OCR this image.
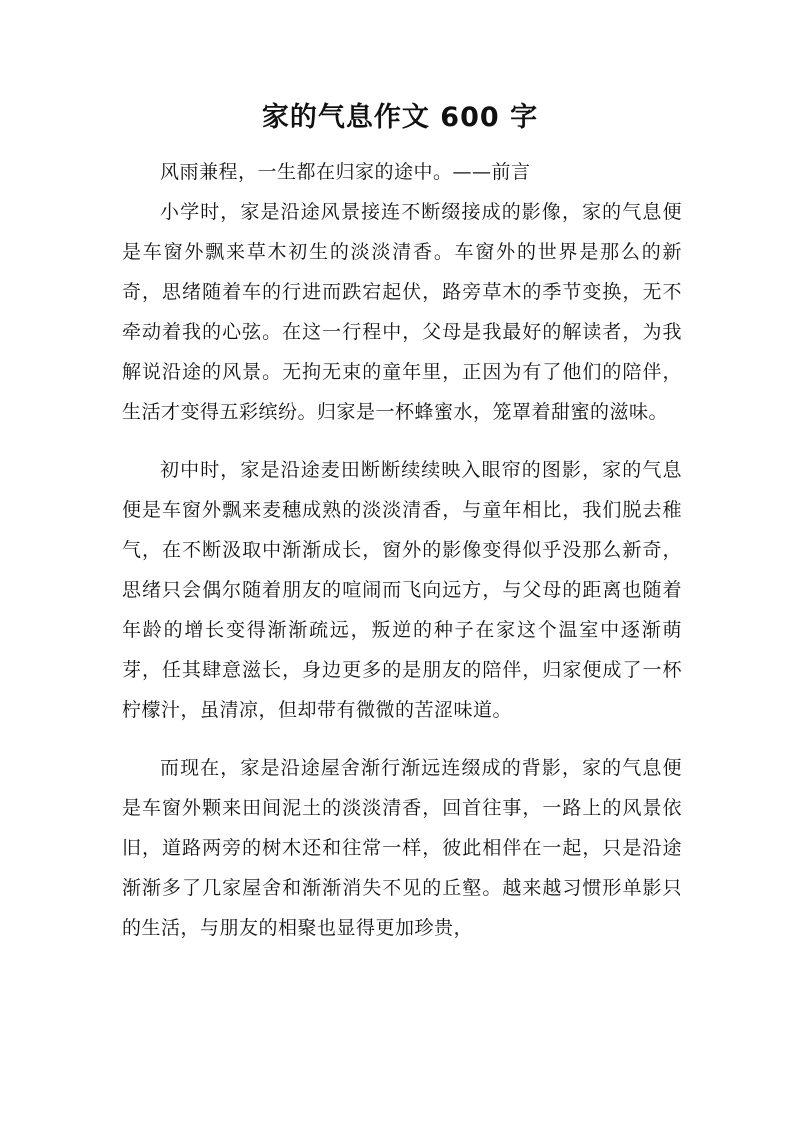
家的气息作文 600 字

风雨兼程，一生都在归家的途中。——前言

小学时，家是沿途风景接连不断缀接成的影像，家的气息便是车窗外飘来草木初生的淡淡清香。车窗外的世界是那么的新奇，思绪随着车的行进而跌宕起伏，路旁草木的季节变换，无不牵动着我的心弦。在这一行程中，父母是我最好的解读者，为我解说沿途的风景。无拘无束的童年里，正因为有了他们的陪伴，生活才变得五彩缤纷。归家是一杯蜂蜜水，笼罩着甜蜜的滋味。

初中时，家是沿途麦田断断续续映入眼帘的图影，家的气息便是车窗外飘来麦穗成熟的淡淡清香，与童年相比，我们脱去稚气，在不断汲取中渐渐成长，窗外的影像变得似乎没那么新奇，思绪只会偶尔随着朋友的喧闹而飞向远方，与父母的距离也随着年龄的增长变得渐渐疏远，叛逆的种子在家这个温室中逐渐萌芽，任其肆意滋长，身边更多的是朋友的陪伴，归家便成了一杯柠檬汁，虽清凉，但却带有微微的苦涩味道。

而现在，家是沿途屋舍渐行渐远连缀成的背影，家的气息便是车窗外颗来田间泥土的淡淡清香，回首往事，一路上的风景依旧，道路两旁的树木还和往常一样，彼此相伴在一起，只是沿途渐渐多了几家屋舍和渐渐消失不见的丘壑。越来越习惯形单影只的生活，与朋友的相聚也显得更加珍贵，
